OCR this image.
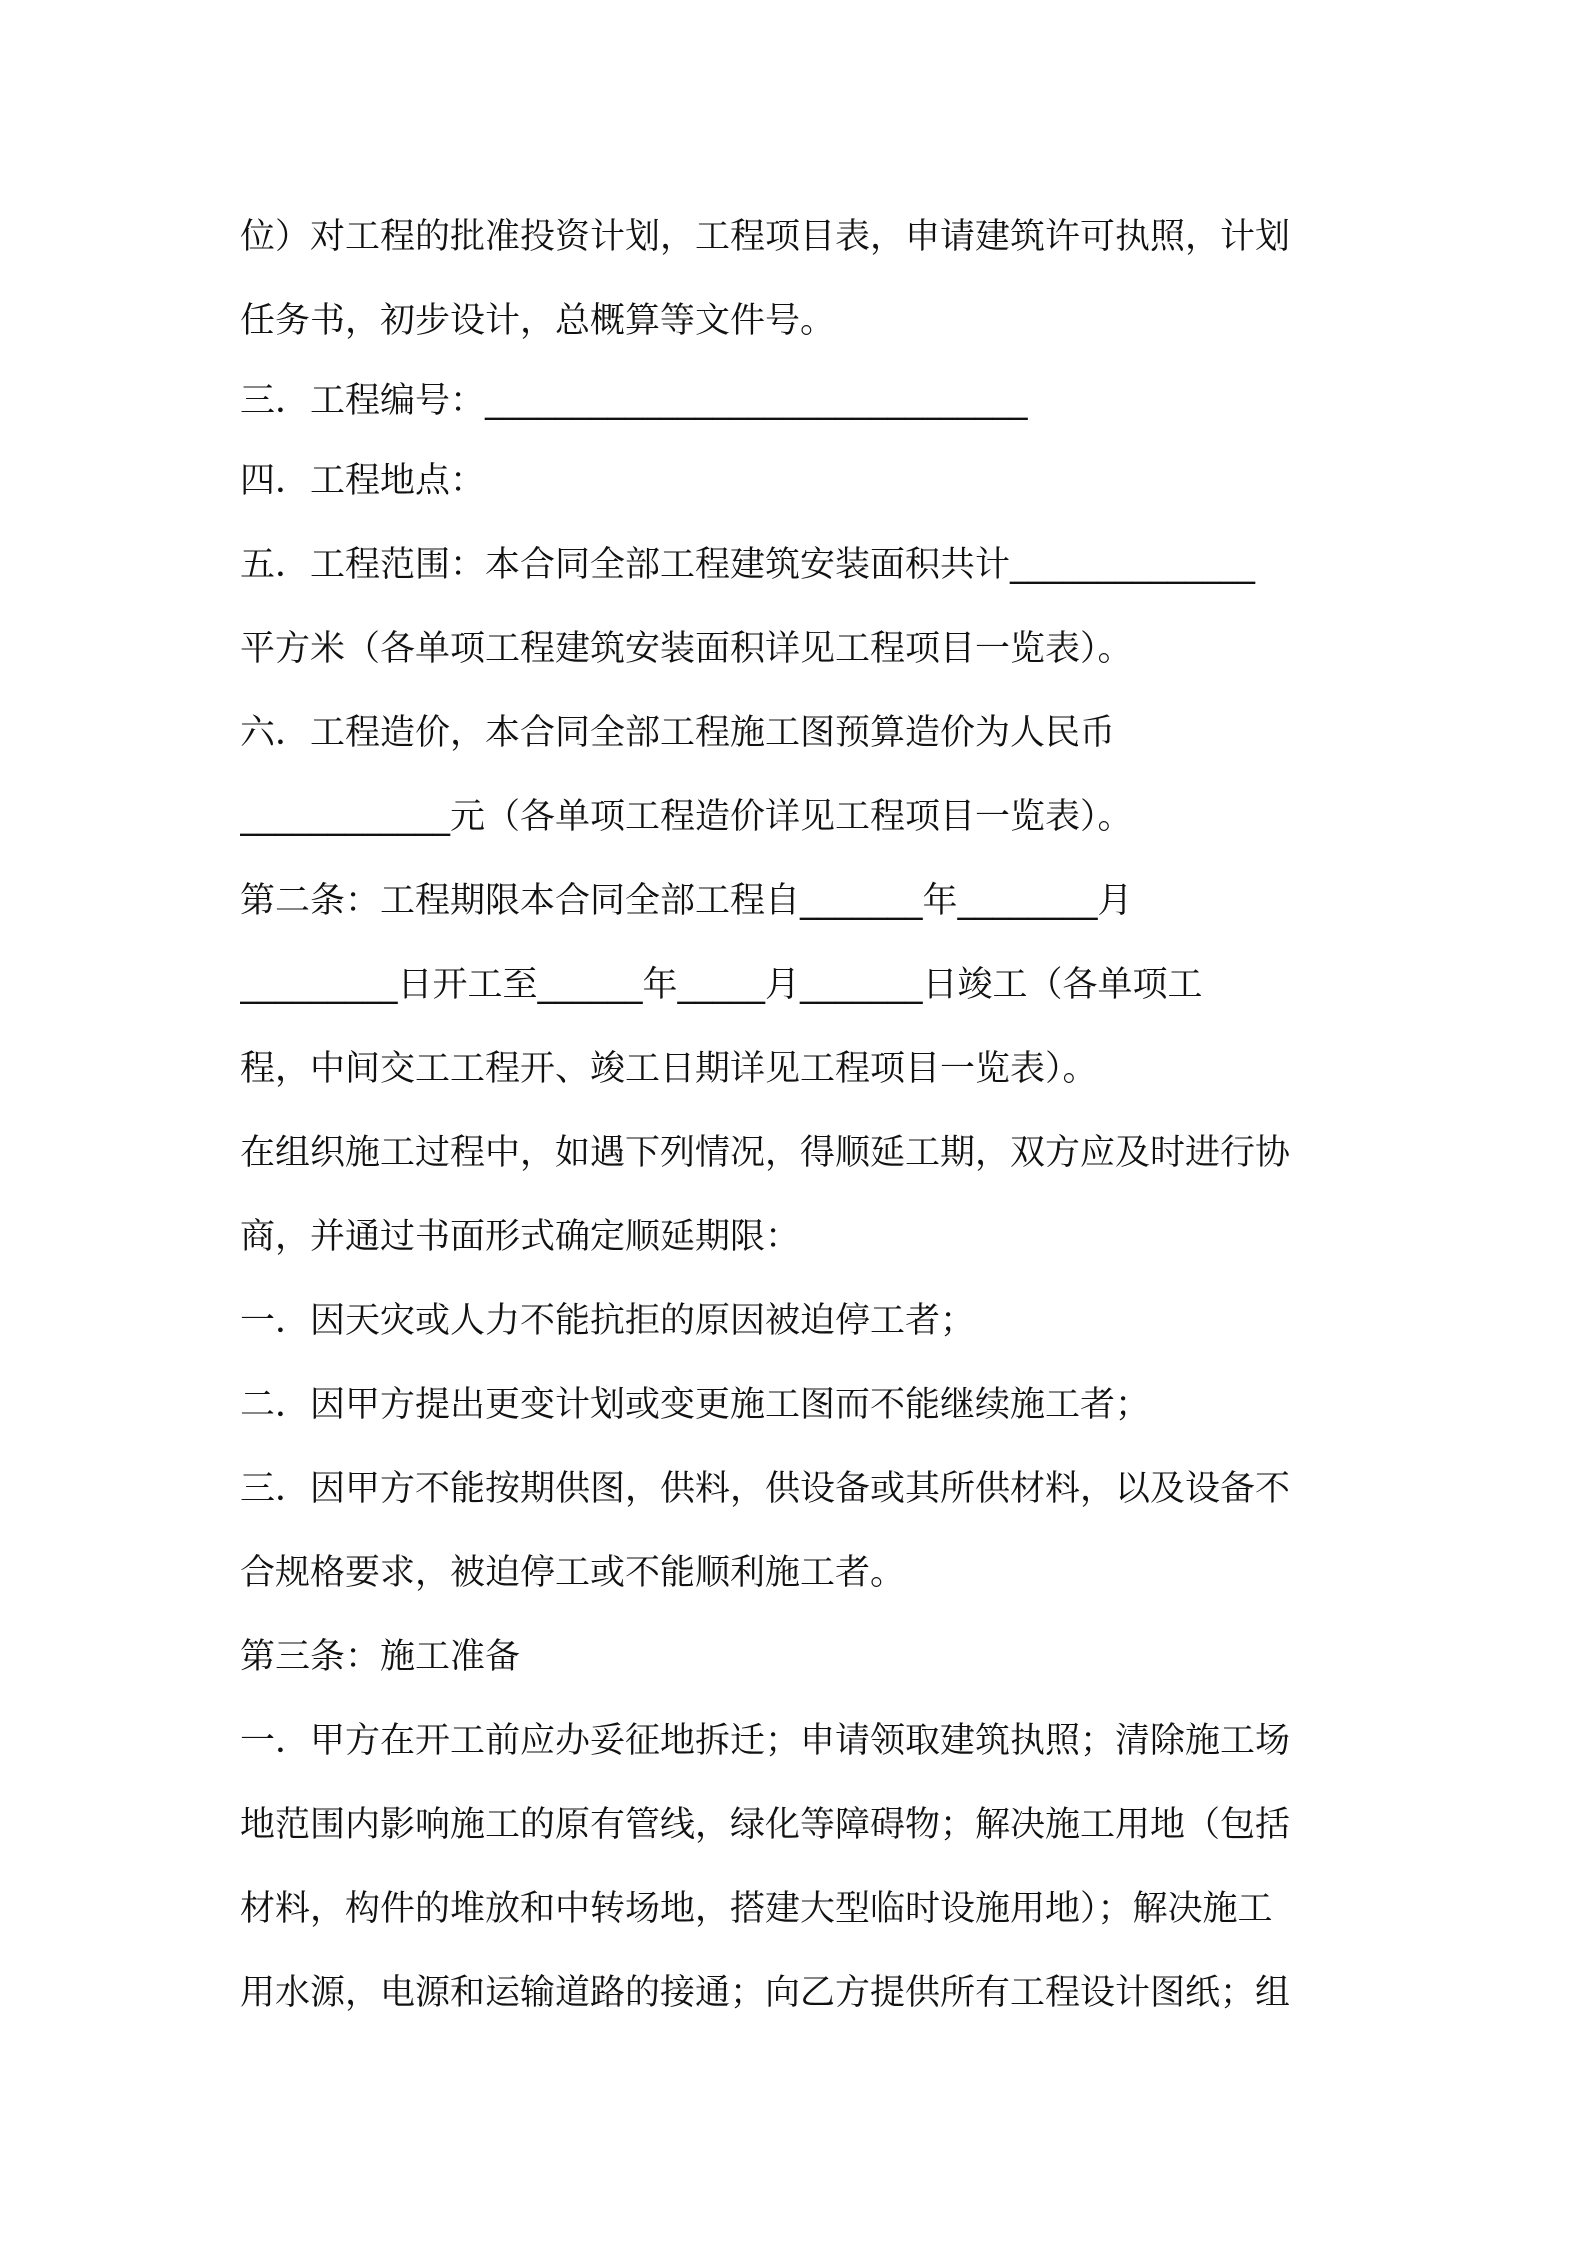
位）对工程的批准投资计划，工程项目表，申请建筑许可执照，计划
任务书，初步设计，总概算等文件号。
三．工程编号：_______________________________
四．工程地点：
五．工程范围：本合同全部工程建筑安装面积共计______________
平方米（各单项工程建筑安装面积详见工程项目一览表）。
六．工程造价，本合同全部工程施工图预算造价为人民币
____________元（各单项工程造价详见工程项目一览表）。
第二条：工程期限本合同全部工程自_______年________月
_________日开工至______年_____月_______日竣工（各单项工
程，中间交工工程开、竣工日期详见工程项目一览表）。
在组织施工过程中，如遇下列情况，得顺延工期，双方应及时进行协
商，并通过书面形式确定顺延期限：
一．因天灾或人力不能抗拒的原因被迫停工者；
二．因甲方提出更变计划或变更施工图而不能继续施工者；
三．因甲方不能按期供图，供料，供设备或其所供材料，以及设备不
合规格要求，被迫停工或不能顺利施工者。
第三条：施工准备
一．甲方在开工前应办妥征地拆迁；申请领取建筑执照；清除施工场
地范围内影响施工的原有管线，绿化等障碍物；解决施工用地（包括
材料，构件的堆放和中转场地，搭建大型临时设施用地）；解决施工
用水源，电源和运输道路的接通；向乙方提供所有工程设计图纸；组
